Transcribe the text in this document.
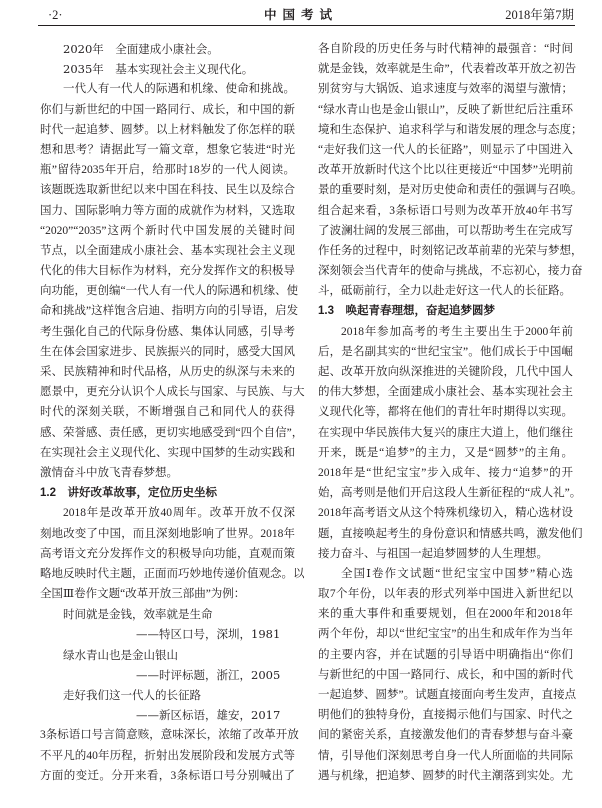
·2·	中国考试	2018年第7期
2020年　全面建成小康社会。
2035年　基本实现社会主义现代化。
一代人有一代人的际遇和机缘、使命和挑战。
你们与新世纪的中国一路同行、成长，和中国的新
时代一起追梦、圆梦。以上材料触发了你怎样的联
想和思考？请据此写一篇文章，想象它装进“时光
瓶”留待2035年开启，给那时18岁的一代人阅读。
该题既选取新世纪以来中国在科技、民生以及综合
国力、国际影响力等方面的成就作为材料，又选取
“2020”“2035”这两个新时代中国发展的关键时间
节点，以全面建成小康社会、基本实现社会主义现
代化的伟大目标作为材料，充分发挥作文的积极导
向功能，更创编“一代人有一代人的际遇和机缘、使
命和挑战”这样饱含启迪、指明方向的引导语，启发
考生强化自己的代际身份感、集体认同感，引导考
生在体会国家进步、民族振兴的同时，感受大国风
采、民族精神和时代品格，从历史的纵深与未来的
愿景中，更充分认识个人成长与国家、与民族、与大
时代的深刻关联，不断增强自己和同代人的获得
感、荣誉感、责任感，更切实地感受到“四个自信”，
在实现社会主义现代化、实现中国梦的生动实践和
激情奋斗中放飞青春梦想。
1.2　讲好改革故事，定位历史坐标
2018年是改革开放40周年。改革开放不仅深
刻地改变了中国，而且深刻地影响了世界。2018年
高考语文充分发挥作文的积极导向功能，直观而策
略地反映时代主题，正面而巧妙地传递价值观念。以
全国Ⅲ卷作文题“改革开放三部曲”为例：
时间就是金钱，效率就是生命
——特区口号，深圳，1981
绿水青山也是金山银山
——时评标题，浙江，2005
走好我们这一代人的长征路
——新区标语，雄安，2017
3条标语口号言简意赅，意味深长，浓缩了改革开放
不平凡的40年历程，折射出发展阶段和发展方式等
方面的变迁。分开来看，3条标语口号分别喊出了
各自阶段的历史任务与时代精神的最强音：“时间
就是金钱，效率就是生命”，代表着改革开放之初告
别贫穷与大锅饭、追求速度与效率的渴望与激情；
“绿水青山也是金山银山”，反映了新世纪后注重环
境和生态保护、追求科学与和谐发展的理念与态度；
“走好我们这一代人的长征路”，则显示了中国进入
改革开放新时代这个比以往更接近“中国梦”光明前
景的重要时刻，是对历史使命和责任的强调与召唤。
组合起来看，3条标语口号则为改革开放40年书写
了波澜壮阔的发展三部曲，可以帮助考生在完成写
作任务的过程中，时刻铭记改革前辈的光荣与梦想，
深刻领会当代青年的使命与挑战，不忘初心，接力奋
斗，砥砺前行，全力以赴走好这一代人的长征路。
1.3　唤起青春理想，奋起追梦圆梦
2018年参加高考的考生主要出生于2000年前
后，是名副其实的“世纪宝宝”。他们成长于中国崛
起、改革开放向纵深推进的关键阶段，几代中国人
的伟大梦想，全面建成小康社会、基本实现社会主
义现代化等，都将在他们的青壮年时期得以实现。
在实现中华民族伟大复兴的康庄大道上，他们继往
开来，既是“追梦”的主力，又是“圆梦”的主角。
2018年是“世纪宝宝”步入成年、接力“追梦”的开
始，高考则是他们开启这段人生新征程的“成人礼”。
2018年高考语文从这个特殊机缘切入，精心选材设
题，直接唤起考生的身份意识和情感共鸣，激发他们
接力奋斗、与祖国一起追梦圆梦的人生理想。
全国Ⅰ卷作文试题“世纪宝宝中国梦”精心选
取7个年份，以年表的形式列举中国进入新世纪以
来的重大事件和重要规划，但在2000年和2018年
两个年份，却以“世纪宝宝”的出生和成年作为当年
的主要内容，并在试题的引导语中明确指出“你们
与新世纪的中国一路同行、成长，和中国的新时代
一起追梦、圆梦”。试题直接面向考生发声，直接点
明他们的独特身份，直接揭示他们与国家、时代之
间的紧密关系，直接激发他们的青春梦想与奋斗豪
情，引导他们深刻思考自身一代人所面临的共同际
遇与机缘，把追梦、圆梦的时代主潮落到实处。尤
